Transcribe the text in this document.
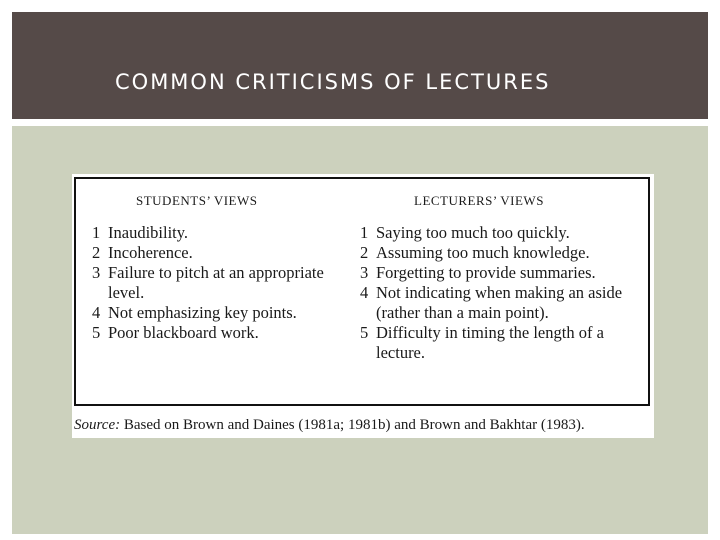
COMMON CRITICISMS OF LECTURES
STUDENTS’ VIEWS
1 Inaudibility.
2 Incoherence.
3 Failure to pitch at an appropriate level.
4 Not emphasizing key points.
5 Poor blackboard work.
LECTURERS’ VIEWS
1 Saying too much too quickly.
2 Assuming too much knowledge.
3 Forgetting to provide summaries.
4 Not indicating when making an aside (rather than a main point).
5 Difficulty in timing the length of a lecture.
Source: Based on Brown and Daines (1981a; 1981b) and Brown and Bakhtar (1983).
